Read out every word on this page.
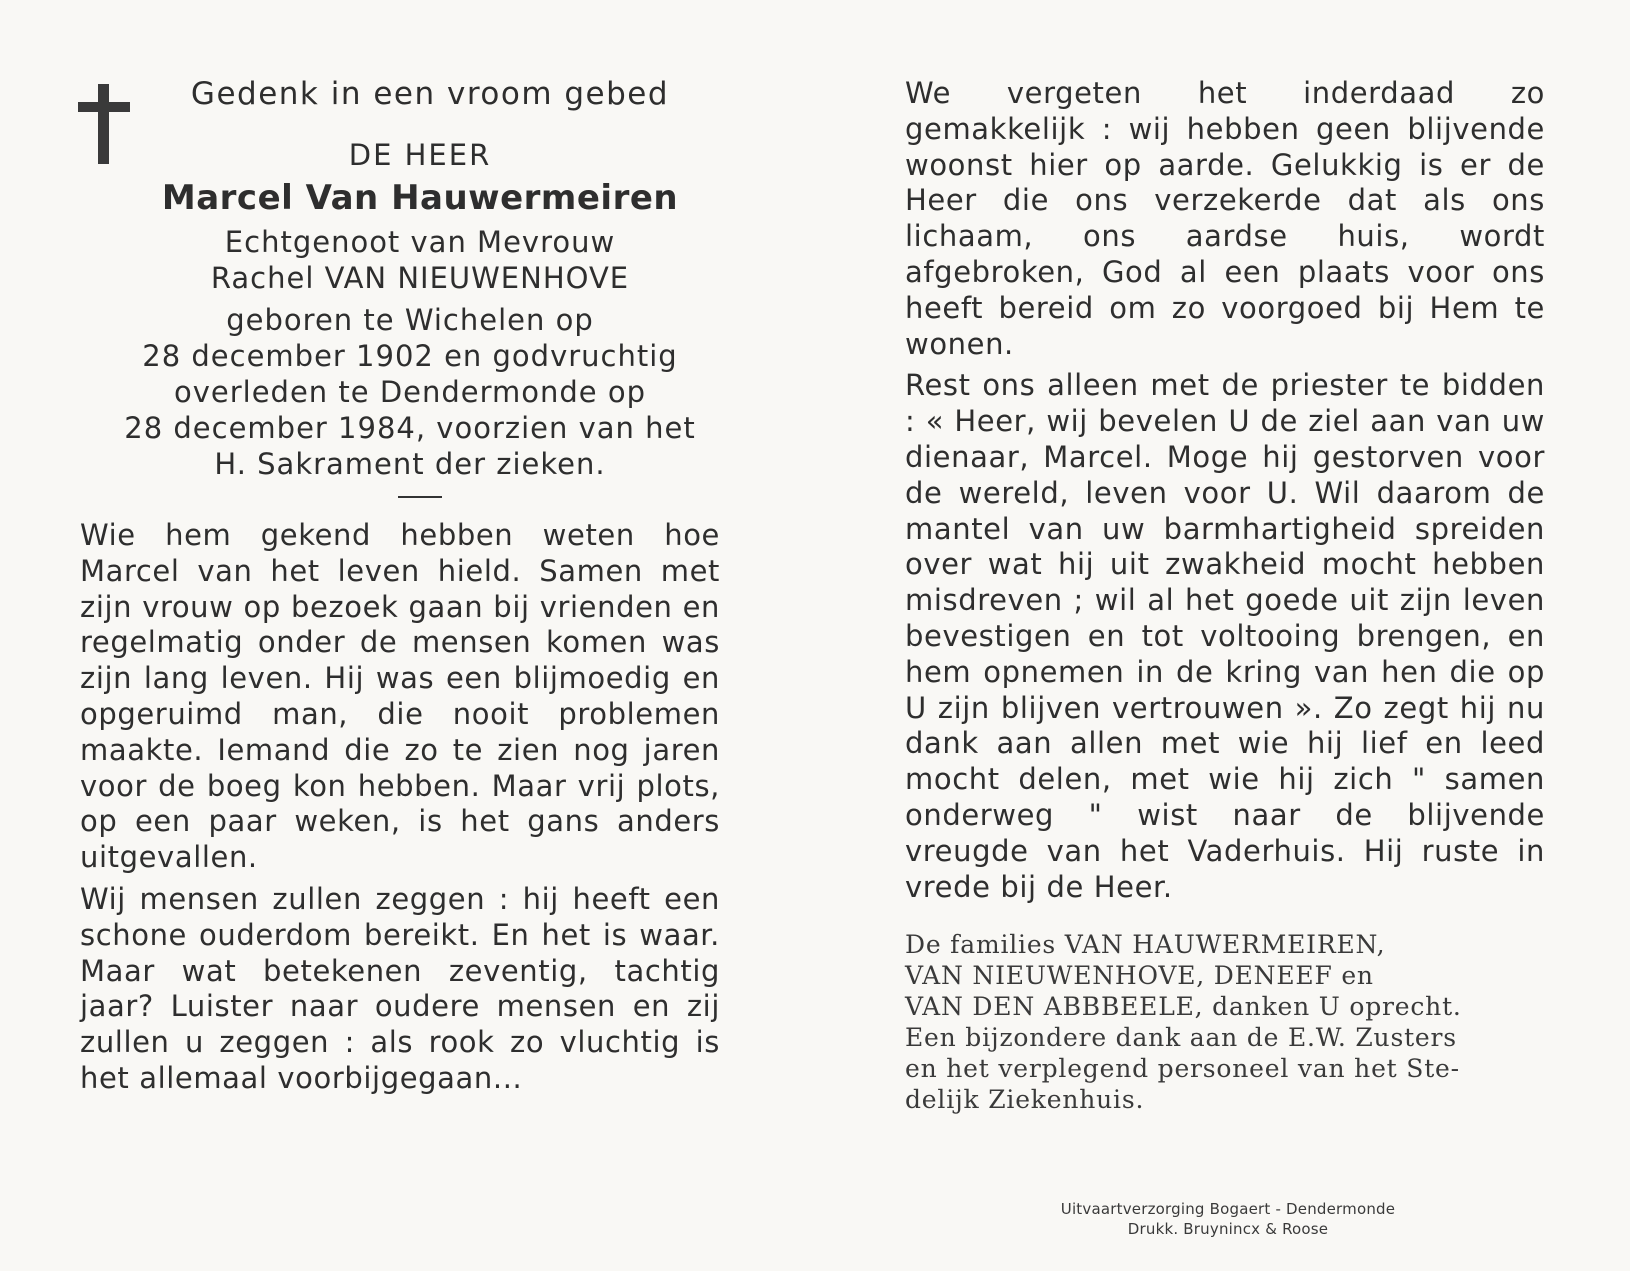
Gedenk in een vroom gebed
DE HEER
Marcel Van Hauwermeiren
Echtgenoot van Mevrouw
Rachel VAN NIEUWENHOVE
geboren te Wichelen op
28 december 1902 en godvruchtig
overleden te Dendermonde op
28 december 1984, voorzien van het
H. Sakrament der zieken.

Wie hem gekend hebben weten hoe Marcel van het leven hield. Samen met zijn vrouw op bezoek gaan bij vrienden en regelmatig onder de mensen komen was zijn lang leven. Hij was een blijmoedig en opgeruimd man, die nooit problemen maakte. Iemand die zo te zien nog jaren voor de boeg kon hebben. Maar vrij plots, op een paar weken, is het gans anders uitgevallen.

Wij mensen zullen zeggen : hij heeft een schone ouderdom bereikt. En het is waar. Maar wat betekenen zeventig, tachtig jaar? Luister naar oudere mensen en zij zullen u zeggen : als rook zo vluchtig is het allemaal voorbijgegaan...

We vergeten het inderdaad zo gemakkelijk : wij hebben geen blijvende woonst hier op aarde. Gelukkig is er de Heer die ons verzekerde dat als ons lichaam, ons aardse huis, wordt afgebroken, God al een plaats voor ons heeft bereid om zo voorgoed bij Hem te wonen.

Rest ons alleen met de priester te bidden : « Heer, wij bevelen U de ziel aan van uw dienaar, Marcel. Moge hij gestorven voor de wereld, leven voor U. Wil daarom de mantel van uw barmhartigheid spreiden over wat hij uit zwakheid mocht hebben misdreven ; wil al het goede uit zijn leven bevestigen en tot voltooing brengen, en hem opnemen in de kring van hen die op U zijn blijven vertrouwen ». Zo zegt hij nu dank aan allen met wie hij lief en leed mocht delen, met wie hij zich " samen onderweg " wist naar de blijvende vreugde van het Vaderhuis. Hij ruste in vrede bij de Heer.

De families VAN HAUWERMEIREN,
VAN NIEUWENHOVE, DENEEF en
VAN DEN ABBBEELE, danken U oprecht.
Een bijzondere dank aan de E.W. Zusters
en het verplegend personeel van het Ste-
delijk Ziekenhuis.
Uitvaartverzorging Bogaert - Dendermonde
Drukk. Bruynincx & Roose
